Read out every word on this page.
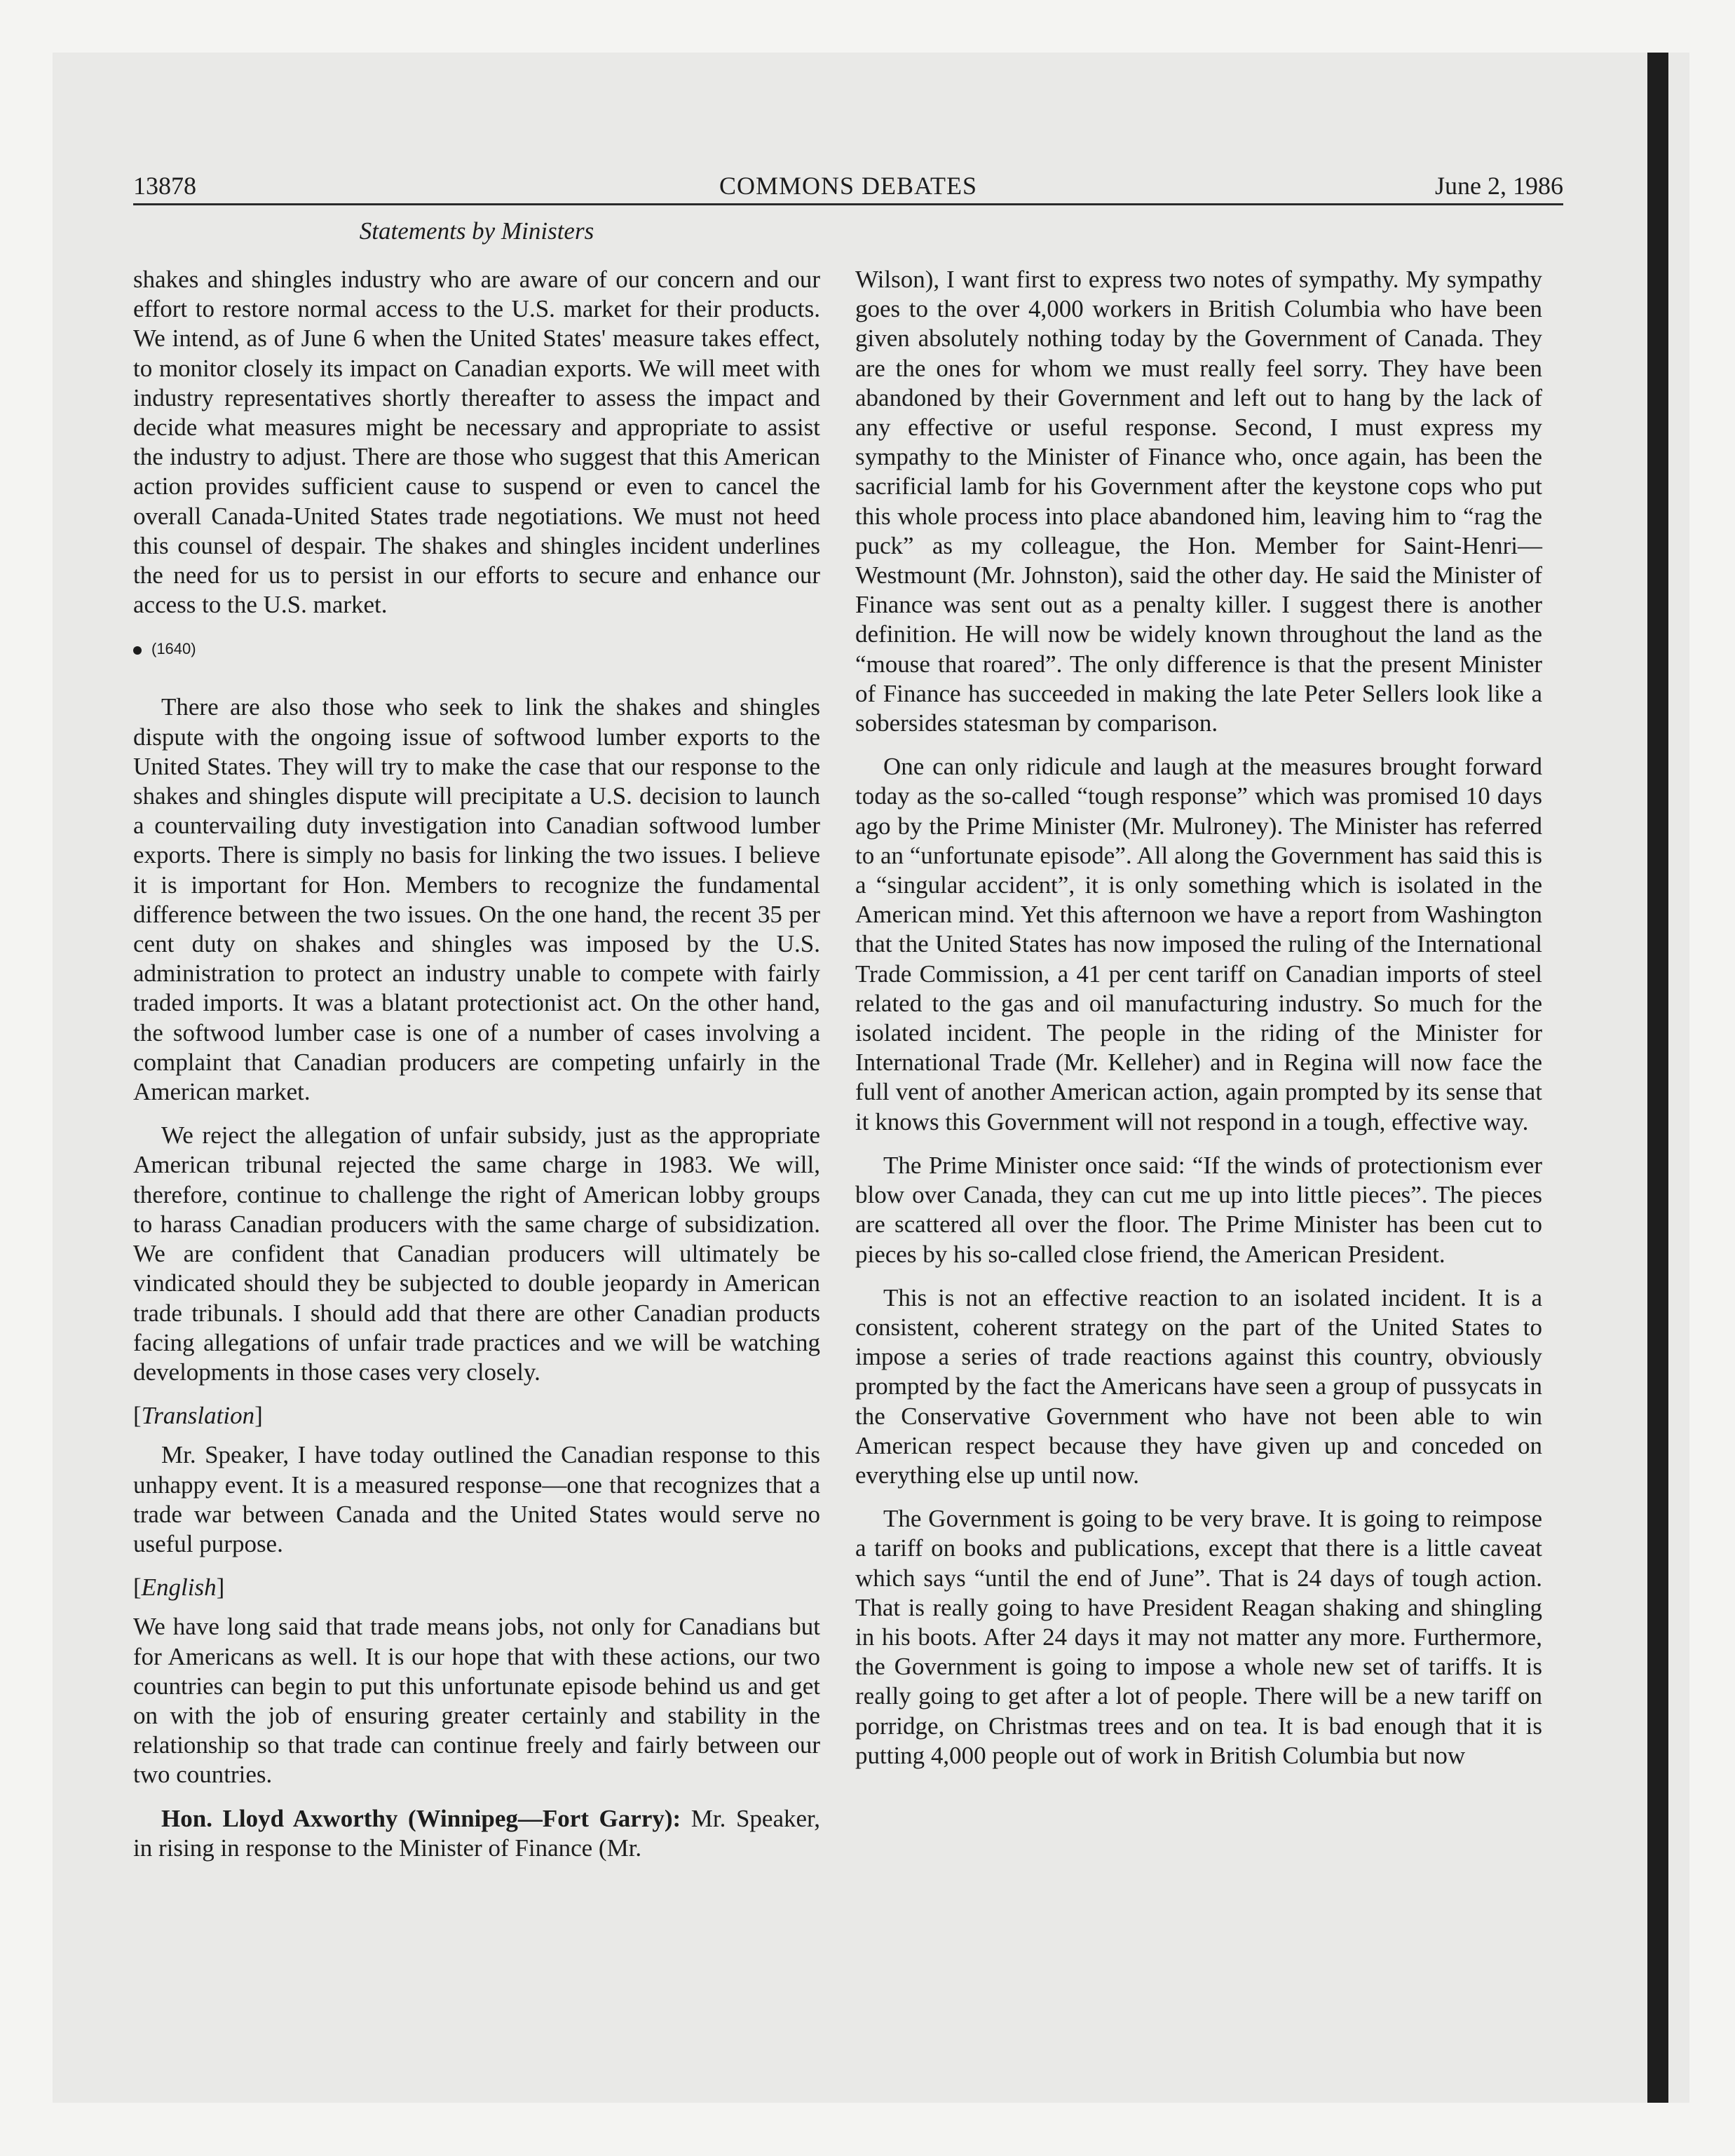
13878	COMMONS DEBATES	June 2, 1986
Statements by Ministers

shakes and shingles industry who are aware of our concern and our effort to restore normal access to the U.S. market for their products. We intend, as of June 6 when the United States' measure takes effect, to monitor closely its impact on Canadian exports. We will meet with industry representatives shortly thereafter to assess the impact and decide what measures might be necessary and appropriate to assist the industry to adjust. There are those who suggest that this American action provides sufficient cause to suspend or even to cancel the overall Canada-United States trade negotiations. We must not heed this counsel of despair. The shakes and shingles incident underlines the need for us to persist in our efforts to secure and enhance our access to the U.S. market.

(1640)

There are also those who seek to link the shakes and shingles dispute with the ongoing issue of softwood lumber exports to the United States. They will try to make the case that our response to the shakes and shingles dispute will precipitate a U.S. decision to launch a countervailing duty investigation into Canadian softwood lumber exports. There is simply no basis for linking the two issues. I believe it is important for Hon. Members to recognize the fundamental difference between the two issues. On the one hand, the recent 35 per cent duty on shakes and shingles was imposed by the U.S. administration to protect an industry unable to compete with fairly traded imports. It was a blatant protectionist act. On the other hand, the softwood lumber case is one of a number of cases involving a complaint that Canadian producers are competing unfairly in the American market.

We reject the allegation of unfair subsidy, just as the appropriate American tribunal rejected the same charge in 1983. We will, therefore, continue to challenge the right of American lobby groups to harass Canadian producers with the same charge of subsidization. We are confident that Canadian producers will ultimately be vindicated should they be subjected to double jeopardy in American trade tribunals. I should add that there are other Canadian products facing allegations of unfair trade practices and we will be watching developments in those cases very closely.

[Translation]

Mr. Speaker, I have today outlined the Canadian response to this unhappy event. It is a measured response—one that recognizes that a trade war between Canada and the United States would serve no useful purpose.

[English]

We have long said that trade means jobs, not only for Canadians but for Americans as well. It is our hope that with these actions, our two countries can begin to put this unfortunate episode behind us and get on with the job of ensuring greater certainly and stability in the relationship so that trade can continue freely and fairly between our two countries.

Hon. Lloyd Axworthy (Winnipeg—Fort Garry): Mr. Speaker, in rising in response to the Minister of Finance (Mr.

Wilson), I want first to express two notes of sympathy. My sympathy goes to the over 4,000 workers in British Columbia who have been given absolutely nothing today by the Government of Canada. They are the ones for whom we must really feel sorry. They have been abandoned by their Government and left out to hang by the lack of any effective or useful response. Second, I must express my sympathy to the Minister of Finance who, once again, has been the sacrificial lamb for his Government after the keystone cops who put this whole process into place abandoned him, leaving him to “rag the puck” as my colleague, the Hon. Member for Saint-Henri—Westmount (Mr. Johnston), said the other day. He said the Minister of Finance was sent out as a penalty killer. I suggest there is another definition. He will now be widely known throughout the land as the “mouse that roared”. The only difference is that the present Minister of Finance has succeeded in making the late Peter Sellers look like a sobersides statesman by comparison.

One can only ridicule and laugh at the measures brought forward today as the so-called “tough response” which was promised 10 days ago by the Prime Minister (Mr. Mulroney). The Minister has referred to an “unfortunate episode”. All along the Government has said this is a “singular accident”, it is only something which is isolated in the American mind. Yet this afternoon we have a report from Washington that the United States has now imposed the ruling of the International Trade Commission, a 41 per cent tariff on Canadian imports of steel related to the gas and oil manufacturing industry. So much for the isolated incident. The people in the riding of the Minister for International Trade (Mr. Kelleher) and in Regina will now face the full vent of another American action, again prompted by its sense that it knows this Government will not respond in a tough, effective way.

The Prime Minister once said: “If the winds of protectionism ever blow over Canada, they can cut me up into little pieces”. The pieces are scattered all over the floor. The Prime Minister has been cut to pieces by his so-called close friend, the American President.

This is not an effective reaction to an isolated incident. It is a consistent, coherent strategy on the part of the United States to impose a series of trade reactions against this country, obviously prompted by the fact the Americans have seen a group of pussycats in the Conservative Government who have not been able to win American respect because they have given up and conceded on everything else up until now.

The Government is going to be very brave. It is going to reimpose a tariff on books and publications, except that there is a little caveat which says “until the end of June”. That is 24 days of tough action. That is really going to have President Reagan shaking and shingling in his boots. After 24 days it may not matter any more. Furthermore, the Government is going to impose a whole new set of tariffs. It is really going to get after a lot of people. There will be a new tariff on porridge, on Christmas trees and on tea. It is bad enough that it is putting 4,000 people out of work in British Columbia but now
